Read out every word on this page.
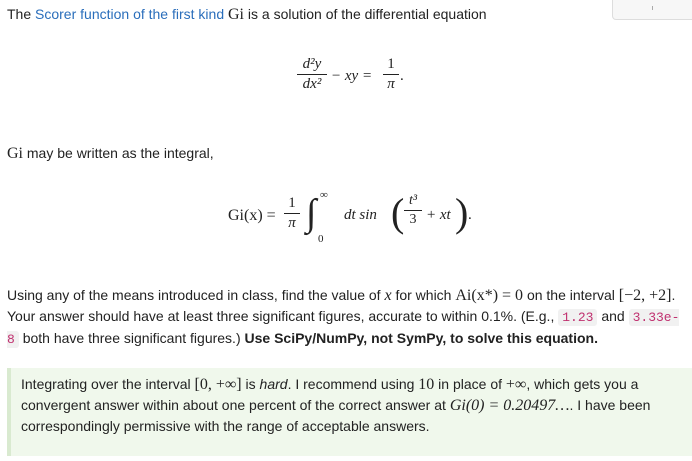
The Scorer function of the first kind Gi is a solution of the differential equation
d²y
dx² − xy =
1
π .
Gi may be written as the integral,
Gi(x) =
1
π ∫ ∞
0
dt sin ( t³
3 + xt ) .
Using any of the means introduced in class, find the value of x for which Ai(x*) = 0 on the interval [−2, +2]. Your answer should have at least three significant figures, accurate to within 0.1%. (E.g., 1.23 and 3.33e-8 both have three significant figures.) Use SciPy/NumPy, not SymPy, to solve this equation.
Integrating over the interval [0, +∞] is hard. I recommend using 10 in place of +∞, which gets you a convergent answer within about one percent of the correct answer at Gi(0) = 0.20497…. I have been correspondingly permissive with the range of acceptable answers.
